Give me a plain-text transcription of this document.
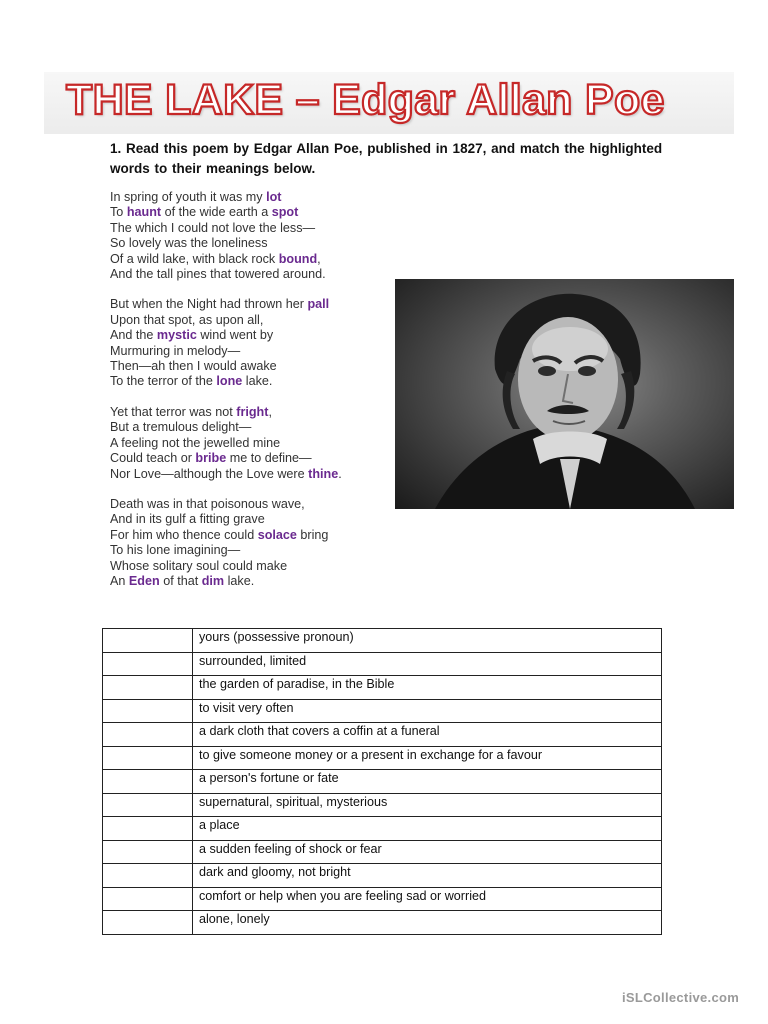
THE LAKE – Edgar Allan Poe
1. Read this poem by Edgar Allan Poe, published in 1827, and match the highlighted words to their meanings below.
In spring of youth it was my lot
To haunt of the wide earth a spot
The which I could not love the less—
So lovely was the loneliness
Of a wild lake, with black rock bound,
And the tall pines that towered around.
But when the Night had thrown her pall
Upon that spot, as upon all,
And the mystic wind went by
Murmuring in melody—
Then—ah then I would awake
To the terror of the lone lake.
Yet that terror was not fright,
But a tremulous delight—
A feeling not the jewelled mine
Could teach or bribe me to define—
Nor Love—although the Love were thine.
Death was in that poisonous wave,
And in its gulf a fitting grave
For him who thence could solace bring
To his lone imagining—
Whose solitary soul could make
An Eden of that dim lake.
	yours (possessive pronoun)
	surrounded, limited
	the garden of paradise, in the Bible
	to visit very often
	a dark cloth that covers a coffin at a funeral
	to give someone money or a present in exchange for a favour
	a person's fortune or fate
	supernatural, spiritual, mysterious
	a place
	a sudden feeling of shock or fear
	dark and gloomy, not bright
	comfort or help when you are feeling sad or worried
	alone, lonely
iSLCollective.com
